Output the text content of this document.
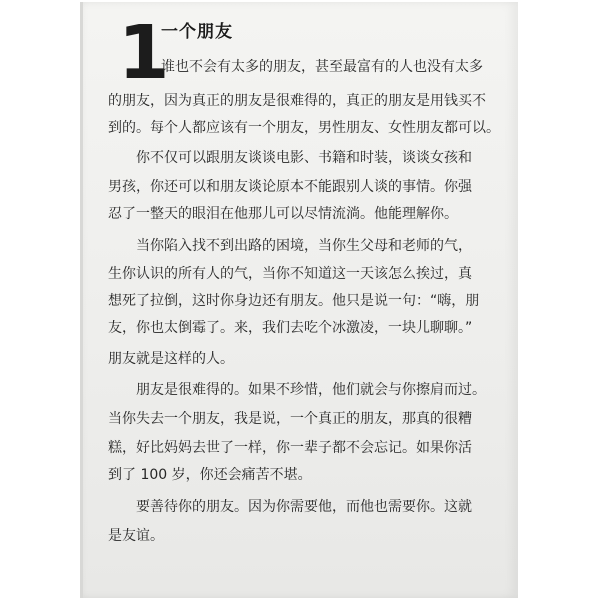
1
一个朋友
谁也不会有太多的朋友，甚至最富有的人也没有太多
的朋友，因为真正的朋友是很难得的，真正的朋友是用钱买不
到的。每个人都应该有一个朋友，男性朋友、女性朋友都可以。
你不仅可以跟朋友谈谈电影、书籍和时装，谈谈女孩和
男孩，你还可以和朋友谈论原本不能跟别人谈的事情。你强
忍了一整天的眼泪在他那儿可以尽情流淌。他能理解你。
当你陷入找不到出路的困境，当你生父母和老师的气，
生你认识的所有人的气，当你不知道这一天该怎么挨过，真
想死了拉倒，这时你身边还有朋友。他只是说一句：“嗨，朋
友，你也太倒霉了。来，我们去吃个冰激凌，一块儿聊聊。”
朋友就是这样的人。
朋友是很难得的。如果不珍惜，他们就会与你擦肩而过。
当你失去一个朋友，我是说，一个真正的朋友，那真的很糟
糕，好比妈妈去世了一样，你一辈子都不会忘记。如果你活
到了 100 岁，你还会痛苦不堪。
要善待你的朋友。因为你需要他，而他也需要你。这就
是友谊。
